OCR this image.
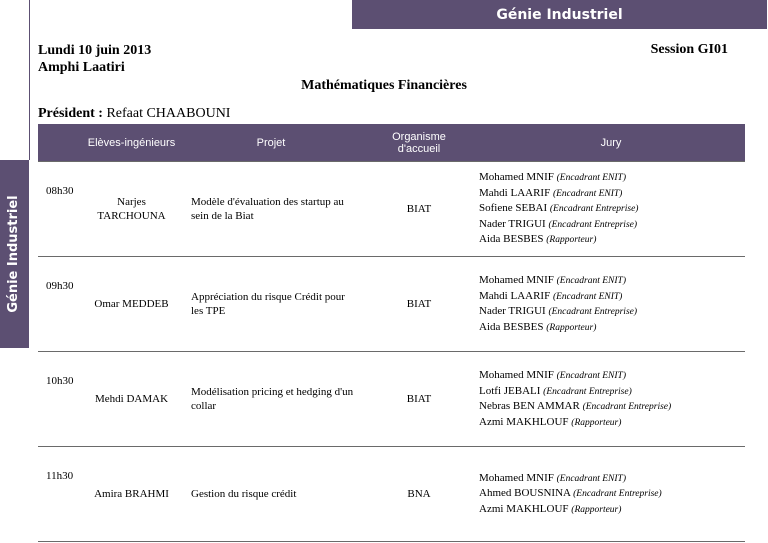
Génie Industriel
Génie Industriel
Lundi 10 juin 2013
Amphi Laatiri
Session GI01
Mathématiques Financières
Président : Refaat CHAABOUNI
	Elèves-ingénieurs	Projet	Organisme d'accueil	Jury
08h30	Narjes TARCHOUNA	Modèle d'évaluation des startup au sein de la Biat	BIAT	Mohamed MNIF (Encadrant ENIT)
Mahdi LAARIF (Encadrant ENIT)
Sofiene SEBAI (Encadrant Entreprise)
Nader TRIGUI (Encadrant Entreprise)
Aida BESBES (Rapporteur)

09h30	Omar MEDDEB	Appréciation du risque Crédit pour les TPE	BIAT	Mohamed MNIF (Encadrant ENIT)
Mahdi LAARIF (Encadrant ENIT)
Nader TRIGUI (Encadrant Entreprise)
Aida BESBES (Rapporteur)

10h30	Mehdi DAMAK	Modélisation pricing et hedging d'un collar	BIAT	Mohamed MNIF (Encadrant ENIT)
Lotfi JEBALI (Encadrant Entreprise)
Nebras BEN AMMAR (Encadrant Entreprise)
Azmi MAKHLOUF (Rapporteur)

11h30	Amira BRAHMI	Gestion du risque crédit	BNA	Mohamed MNIF (Encadrant ENIT)
Ahmed BOUSNINA (Encadrant Entreprise)
Azmi MAKHLOUF (Rapporteur)
